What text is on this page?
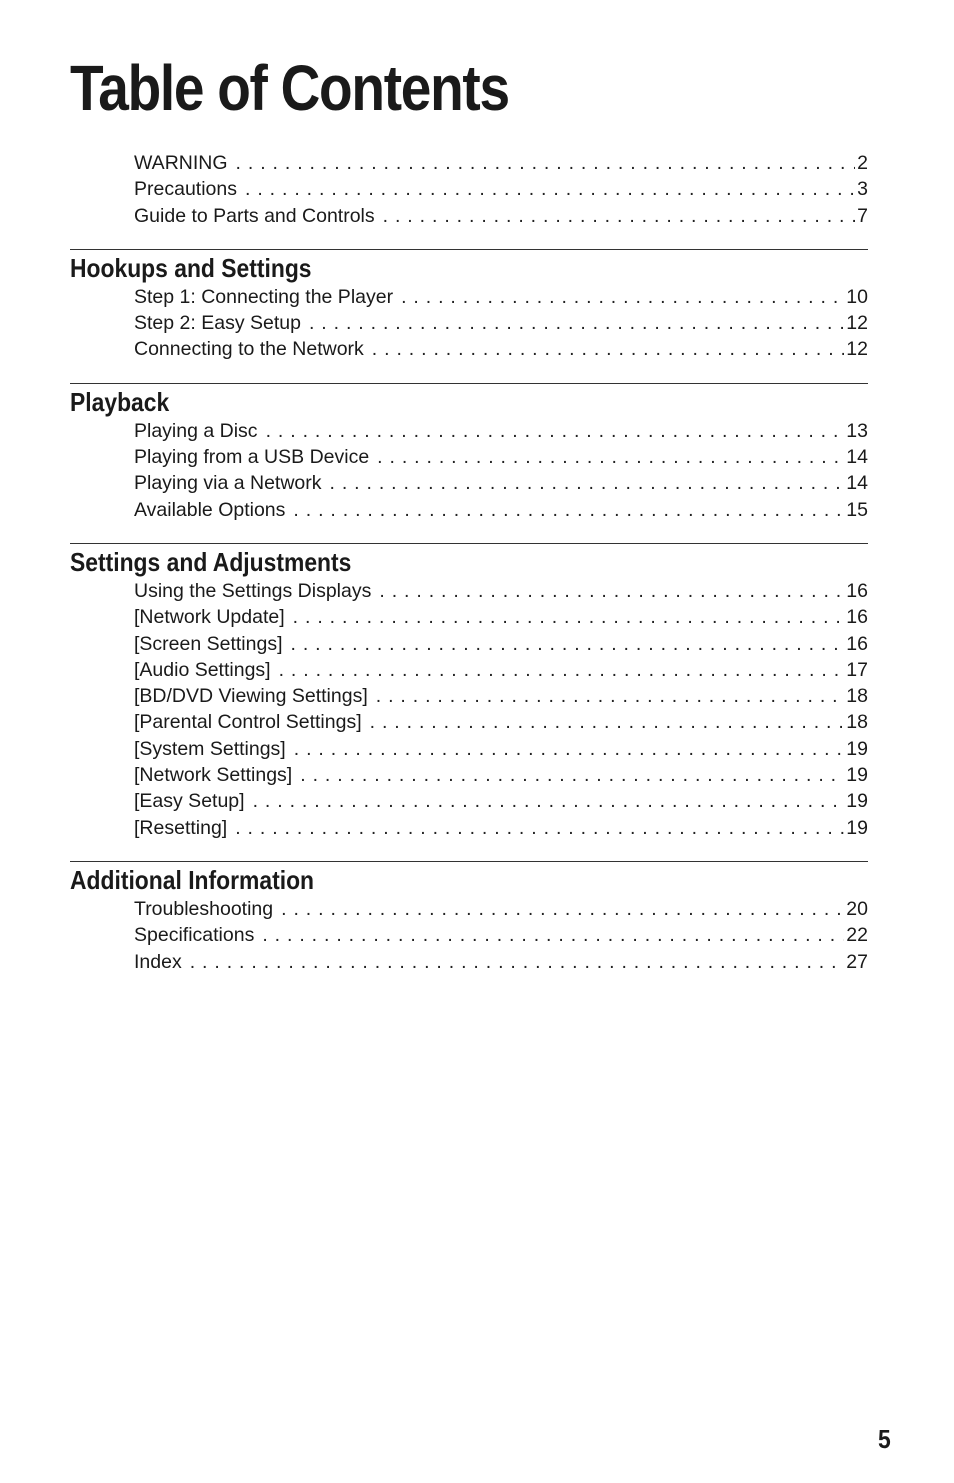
Table of Contents
WARNING . . .	2
Precautions . . .	3
Guide to Parts and Controls . . .	7
Hookups and Settings
Step 1: Connecting the Player . . .	10
Step 2: Easy Setup . . .	12
Connecting to the Network . . .	12
Playback
Playing a Disc . . .	13
Playing from a USB Device . . .	14
Playing via a Network . . .	14
Available Options . . .	15
Settings and Adjustments
Using the Settings Displays . . .	16
[Network Update] . . .	16
[Screen Settings] . . .	16
[Audio Settings] . . .	17
[BD/DVD Viewing Settings] . . .	18
[Parental Control Settings] . . .	18
[System Settings] . . .	19
[Network Settings] . . .	19
[Easy Setup] . . .	19
[Resetting] . . .	19
Additional Information
Troubleshooting . . .	20
Specifications . . .	22
Index . . .	27
5
